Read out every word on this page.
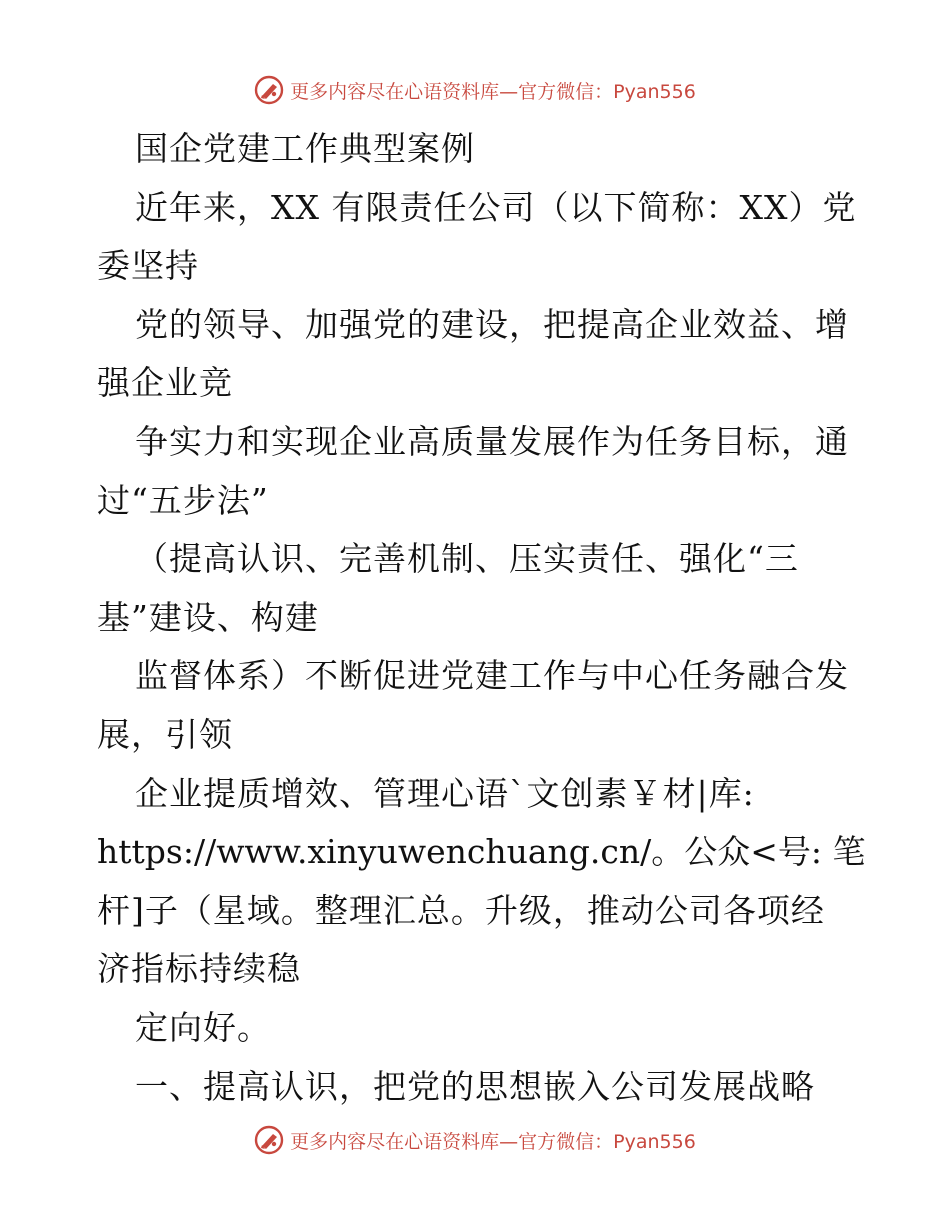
更多内容尽在心语资料库—官方微信：Pyan556
国企党建工作典型案例
近年来，XX 有限责任公司（以下简称：XX）党
委坚持
党的领导、加强党的建设，把提高企业效益、增
强企业竞
争实力和实现企业高质量发展作为任务目标，通
过“五步法”
（提高认识、完善机制、压实责任、强化“三
基”建设、构建
监督体系）不断促进党建工作与中心任务融合发
展，引领
企业提质增效、管理心语`文创素￥材|库:
https://www.xinyuwenchuang.cn/。公众<号: 笔
杆]子（星域。整理汇总。升级，推动公司各项经
济指标持续稳
定向好。
一、提高认识，把党的思想嵌入公司发展战略
更多内容尽在心语资料库—官方微信：Pyan556
